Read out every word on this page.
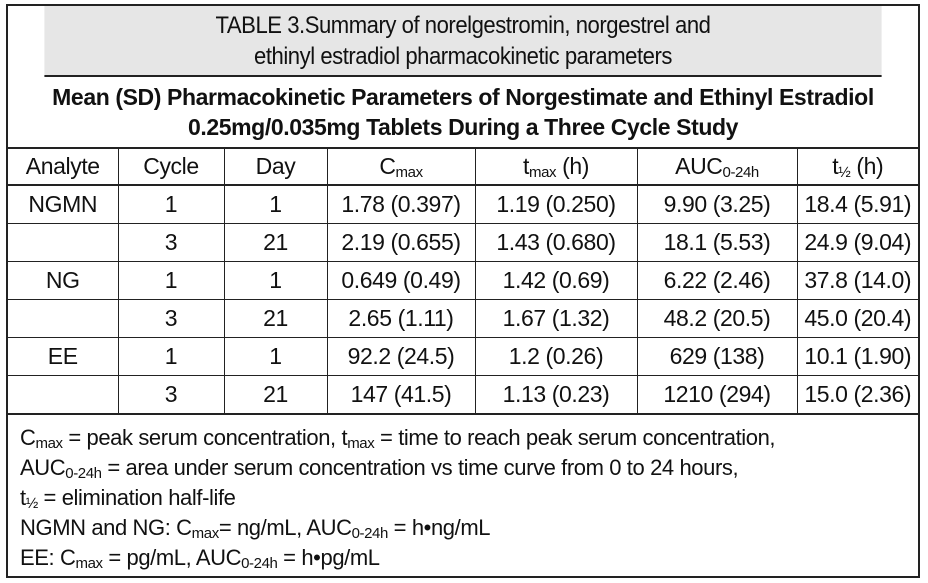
TABLE 3.Summary of norelgestromin, norgestrel and
ethinyl estradiol pharmacokinetic parameters
Mean (SD) Pharmacokinetic Parameters of Norgestimate and Ethinyl Estradiol
0.25mg/0.035mg Tablets During a Three Cycle Study
Analyte	Cycle	Day	$C_{max}$	$t_{max}$ (h)	$AUC_{0-24h}$	$t_{\frac{1}{2}}$ (h)
NGMN	1	1	1.78 (0.397)	1.19 (0.250)	9.90 (3.25)	18.4 (5.91)
	3	21	2.19 (0.655)	1.43 (0.680)	18.1 (5.53)	24.9 (9.04)
NG	1	1	0.649 (0.49)	1.42 (0.69)	6.22 (2.46)	37.8 (14.0)
	3	21	2.65 (1.11)	1.67 (1.32)	48.2 (20.5)	45.0 (20.4)
EE	1	1	92.2 (24.5)	1.2 (0.26)	629 (138)	10.1 (1.90)
	3	21	147 (41.5)	1.13 (0.23)	1210 (294)	15.0 (2.36)
$C_{max}$ = peak serum concentration, $t_{max}$ = time to reach peak serum concentration,
$AUC_{0-24h}$ = area under serum concentration vs time curve from 0 to 24 hours,
$t_{\frac{1}{2}}$ = elimination half-life
NGMN and NG: $C_{max}= ng/mL$, $AUC_{0-24h}$ = h•ng/mL
EE: $C_{max} = pg/mL$, $AUC_{0-24h}$ = h•pg/mL
